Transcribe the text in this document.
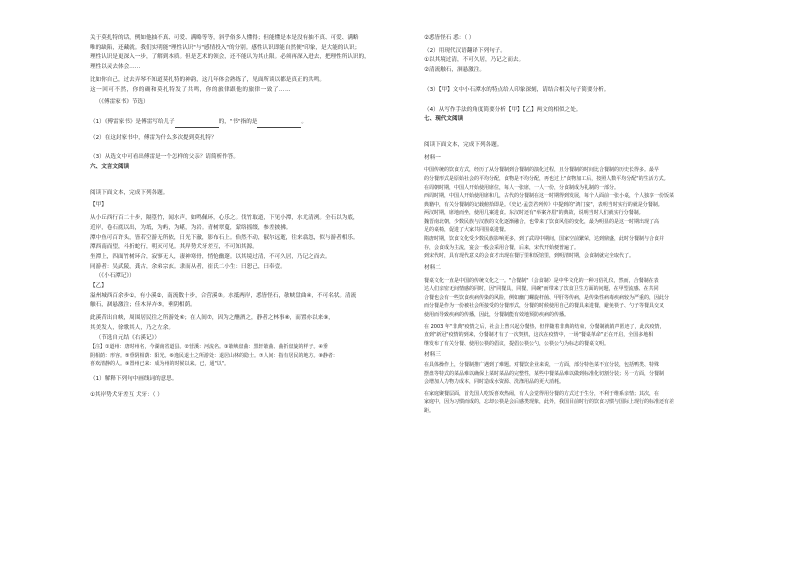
关于莫扎特的话，例如他抽不真、可爱、满略等等，斜乎俗多人懂得；但能懂是本是没有抽不真、可爱、满略

唯的缺陷，还藏就。我们实明能"理性认识"与"感情投入"的分别。感性认识即能自然便"印象，是大能的认识；

理性认识是更深入一步，了解到本质。但是艺术的领会，还不能认为其止限。必须再深入进去，把理性所认识的，

理性以灵去体会……

比如你自己，过去弄琴不知道莫扎特的神韵，这几年体会熟练了，见面所谈以都是真正的共鸣。

这一回可不然，你的确和莫扎特发了共鸣，你的旅律跟他的旅律一致了……

（《傅雷家书》节选）

（1）《傅雷家书》是傅雷写给儿子	的，"书"指的是	。

（2）在这封家书中，傅雷为什么多次提到莫扎特？

（3）从选文中可看出傅雷是一个怎样的父亲？请简析作答。

六、文言文阅读

阅读下面文本，完成下列各题。

【甲】

从小丘西行百二十步，隔篁竹，闻水声，如鸣佩环，心乐之。伐竹取道，下见小潭，水尤清冽。全石以为底，

近岸，卷石底以出，为坻，为屿，为嵁，为岩。青树翠蔓，蒙络摇缀，参差披拂。

潭中鱼可百许头，皆若空游无所依，日光下澈，影布石上。佁然不动，俶尔远逝，往来翕忽，似与游者相乐。

潭西南而望，斗折蛇行，明灭可见。其岸势犬牙差互，不可知其源。

坐潭上，四面竹树环合，寂寥无人，凄神寒骨，悄怆幽邃。以其境过清，不可久居，乃记之而去。

同游者：吴武陵，龚古，余弟宗玄。隶而从者，崔氏二小生：曰恕己，曰奉壹。

（《小石潭记》）

【乙】

溢州城西百余步①，有小溪②，南流数十步，合营溪③。水抵两岸，悉皆怪石，欹峡盘曲④，不可名状。清流

触石，涸悬激注；佳木异卉⑤，垂阴相荫。

此溪昔出自峡，周围居民往之所游处⑥；在人间⑦，因为之醮酒之，静者之林事⑧，而置亦以来⑨，

其美发人，徐歌其人，乃之左余。

（节选自元结《右溪记》）

【注】①道州：唐时州名，今湖南省道县。②营溪：河流名。③欹峡盘曲：黑轩欹曲、曲折盘旋的样子。④垂

阴相荫：形容。⑤垂阴相荫：阳光。⑥逸民退士之所游处：退居山林的隐士。⑦人间：指有居民的地方。⑧静者：

喜欢清静的人。⑨置州已来：成为州的时候以来。已，通"以"。

（1）解释下列句中画线词的意思。

①其岸势犬牙差互 犬牙：（ ）

②悉皆怪石 悉：（ ）

（2）用现代汉语翻译下列句子。

①以其境过清，不可久居，乃记之而去。

②清流触石，洄悬激注。

（3）【甲】文中小石潭水的特点给人印象深刻，请结合相关句子简要分析。

（4）从写作手法的角度简要分析【甲】【乙】两文的相似之处。

七、现代文阅读

阅读下面文本，完成下列各题。

材料一

中国传统的饮食方式，经历了从分餐制到合餐制的演化过程，且分餐制的时间比合餐制的历史长得多。最早

的分餐形式是原始社会的平均分配，食物是不均分配，再也过上"食物加工后，按照人数平均分配"的生活方式。

在周朝时期，中国人开始使用席位，每人一张席，一人一份，分食制成为礼制的一部分。

西周时期，中国人开始使用席和几，古代的分餐制在这一时期得到发展，每个人面前一张小桌，个人独享一份饭菜

典籍中，有关分餐制的记载俯拾即是。《史记·孟尝君列传》中提到的"鸿门宴"，表明当时实行的就是分餐制。

两汉时期，席地而坐，使用几案进食。东汉时还有"举案齐眉"的典故，说明当时人们就实行分餐制。

魏晋南北朝，少数民族与汉族的文化逐渐融合，也带来了饮食风俗的变化，最为明显的是这一时期出现了高

足的桌椅，促进了大家共同围桌进餐。

隋唐时期，饮食文化受少数民族影响更多，到了武周中期间，国家空前繁荣，达到鼎盛，此时分餐制与合食并

存，会食成为主流，宴会一般会采用合餐，后来，宋代开始便普遍了。

到宋代时，具有现代意义的会食才出现在餐厅里和饭馆里，到明清时期，会食制就完全取代了。

材料二

餐桌文化一直是中国的传统文化之一。"合餐制"（会食制）是中华文化的一种习俗礼仪，然而，合餐制在表

达人们亲密无间情感的同时，因"同餐具，同餐，同碗"而带来了饮食卫生方面的问题，在甲型流感、在共同

合餐也会有一些饮食疾病传染的风险，例如幽门螺旋杆菌、甲肝等传病，是传染性病毒疾病较为严重的，因此分

而分餐是作为一份被社会所接受的分餐形式，分餐的时候使用自己的餐具来进餐，避免筷子、勺子等餐具交叉

使用而导致疾病的传播，因此，分餐制能有效地预防疾病的传播。

在 2003 年"非典"疫情之后，社会上曾兴起分餐热，但伴随着非典的结束，分餐制就销声匿迹了，此次疫情，

直到"新冠"疫情的到来，分餐制才有了一次契机，这次在疫情中，一场"餐桌革命"正在开启，全国多地相

继发布了有关分餐、使用公筷的倡议，提倡公筷公勺，公筷公勺为标志的餐桌文明。

材料三

在具体操作上，分餐制推广遇到了难题。对餐饮企业来说，一方面，部分特色菜不宜分装，包括鸭类、特殊

摆盘等特式的菜品难以确保上菜时菜品的完整性，某些中餐菜品难以做到标准化切割分装；另一方面，分餐制

会增加人力物力成本，同时造成水资源、洗涤用品的更大消耗。

在家庭聚餐层面，首先国人吃饭喜欢热闹，有人会觉得用分餐的方式过于生分，不利于维系亲情；其次，在

家庭中，因为习惯而成的，忘却公筷是会后感类现象，此外，我国目前时行的饮食习惯与国际上现行的标准还有差

距。
